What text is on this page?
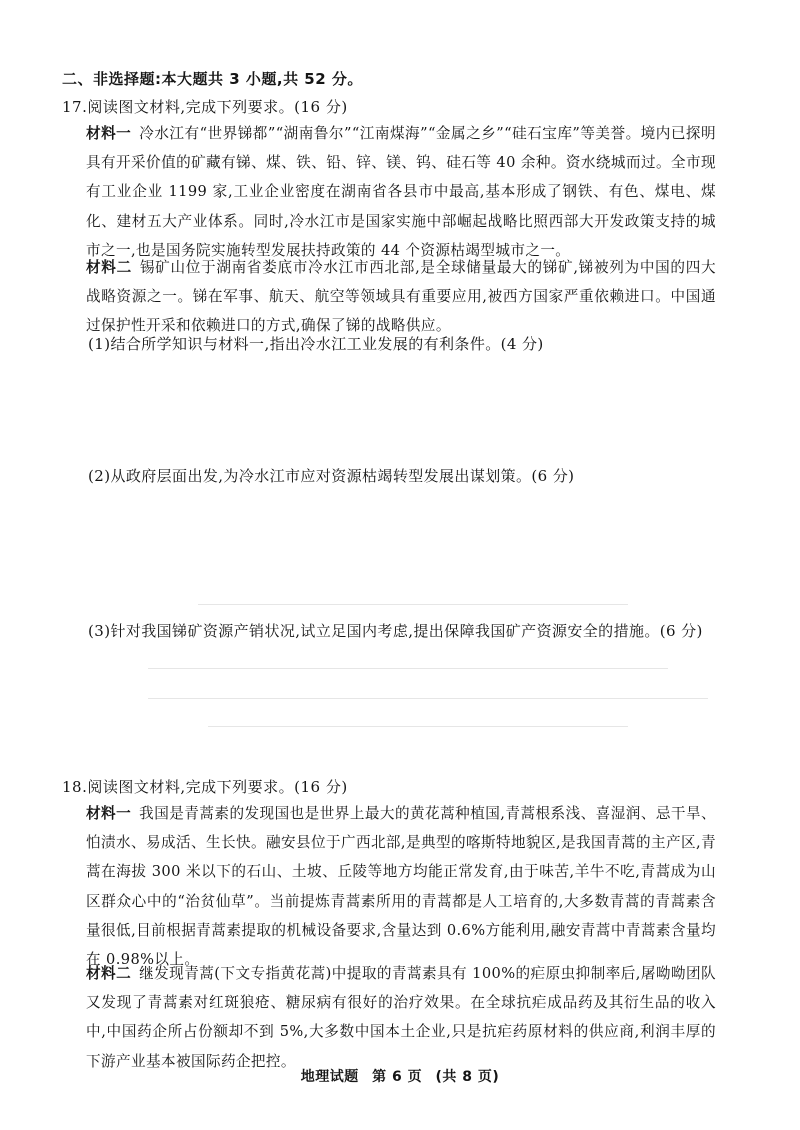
二、非选择题:本大题共 3 小题,共 52 分。
17.阅读图文材料,完成下列要求。(16 分)
材料一 冷水江有“世界锑都”“湖南鲁尔”“江南煤海”“金属之乡”“硅石宝库”等美誉。境内已探明具有开采价值的矿藏有锑、煤、铁、铅、锌、镁、钨、硅石等 40 余种。资水绕城而过。全市现有工业企业 1199 家,工业企业密度在湖南省各县市中最高,基本形成了钢铁、有色、煤电、煤化、建材五大产业体系。同时,冷水江市是国家实施中部崛起战略比照西部大开发政策支持的城市之一,也是国务院实施转型发展扶持政策的 44 个资源枯竭型城市之一。
材料二 锡矿山位于湖南省娄底市冷水江市西北部,是全球储量最大的锑矿,锑被列为中国的四大战略资源之一。锑在军事、航天、航空等领域具有重要应用,被西方国家严重依赖进口。中国通过保护性开采和依赖进口的方式,确保了锑的战略供应。
(1)结合所学知识与材料一,指出冷水江工业发展的有利条件。(4 分)
(2)从政府层面出发,为冷水江市应对资源枯竭转型发展出谋划策。(6 分)
(3)针对我国锑矿资源产销状况,试立足国内考虑,提出保障我国矿产资源安全的措施。(6 分)
18.阅读图文材料,完成下列要求。(16 分)
材料一 我国是青蒿素的发现国也是世界上最大的黄花蒿种植国,青蒿根系浅、喜湿润、忌干旱、怕渍水、易成活、生长快。融安县位于广西北部,是典型的喀斯特地貌区,是我国青蒿的主产区,青蒿在海拔 300 米以下的石山、土坡、丘陵等地方均能正常发育,由于味苦,羊牛不吃,青蒿成为山区群众心中的“治贫仙草”。当前提炼青蒿素所用的青蒿都是人工培育的,大多数青蒿的青蒿素含量很低,目前根据青蒿素提取的机械设备要求,含量达到 0.6%方能利用,融安青蒿中青蒿素含量均在 0.98%以上。
材料二 继发现青蒿(下文专指黄花蒿)中提取的青蒿素具有 100%的疟原虫抑制率后,屠呦呦团队又发现了青蒿素对红斑狼疮、糖尿病有很好的治疗效果。在全球抗疟成品药及其衍生品的收入中,中国药企所占份额却不到 5%,大多数中国本土企业,只是抗疟药原材料的供应商,利润丰厚的下游产业基本被国际药企把控。
地理试题 第 6 页 (共 8 页)
